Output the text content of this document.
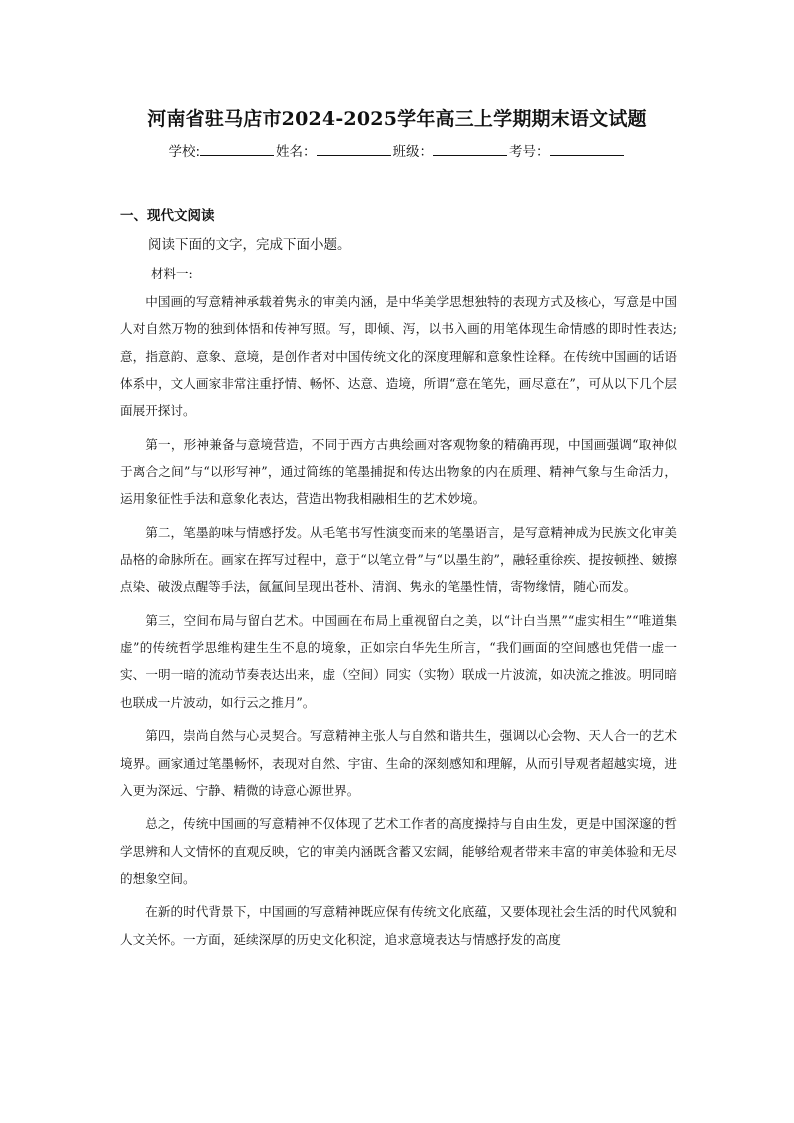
河南省驻马店市2024-2025学年高三上学期期末语文试题
学校:	姓名：	班级：	考号：
一、现代文阅读
阅读下面的文字，完成下面小题。
材料一:

中国画的写意精神承载着隽永的审美内涵，是中华美学思想独特的表现方式及核心，写意是中国人对自然万物的独到体悟和传神写照。写，即倾、泻，以书入画的用笔体现生命情感的即时性表达;意，指意韵、意象、意境，是创作者对中国传统文化的深度理解和意象性诠释。在传统中国画的话语体系中，文人画家非常注重抒情、畅怀、达意、造境，所谓“意在笔先，画尽意在”，可从以下几个层面展开探讨。

第一，形神兼备与意境营造，不同于西方古典绘画对客观物象的精确再现，中国画强调“取神似于离合之间”与“以形写神”，通过简练的笔墨捕捉和传达出物象的内在质理、精神气象与生命活力，运用象征性手法和意象化表达，营造出物我相融相生的艺术妙境。

第二，笔墨韵味与情感抒发。从毛笔书写性演变而来的笔墨语言，是写意精神成为民族文化审美品格的命脉所在。画家在挥写过程中，意于“以笔立骨”与“以墨生韵”，融轻重徐疾、提按顿挫、皴擦点染、破泼点醒等手法，氤氲间呈现出苍朴、清润、隽永的笔墨性情，寄物缘情，随心而发。

第三，空间布局与留白艺术。中国画在布局上重视留白之美，以“计白当黑”“虚实相生”“唯道集虚”的传统哲学思维构建生生不息的境象，正如宗白华先生所言，“我们画面的空间感也凭借一虚一实、一明一暗的流动节奏表达出来，虚（空间）同实（实物）联成一片波流，如决流之推波。明同暗也联成一片波动，如行云之推月”。

第四，崇尚自然与心灵契合。写意精神主张人与自然和谐共生，强调以心会物、天人合一的艺术境界。画家通过笔墨畅怀，表现对自然、宇宙、生命的深刻感知和理解，从而引导观者超越实境，进入更为深远、宁静、精微的诗意心源世界。

总之，传统中国画的写意精神不仅体现了艺术工作者的高度操持与自由生发，更是中国深邃的哲学思辨和人文情怀的直观反映，它的审美内涵既含蓄又宏阔，能够给观者带来丰富的审美体验和无尽的想象空间。

在新的时代背景下，中国画的写意精神既应保有传统文化底蕴，又要体现社会生活的时代风貌和人文关怀。一方面，延续深厚的历史文化积淀，追求意境表达与情感抒发的高度
